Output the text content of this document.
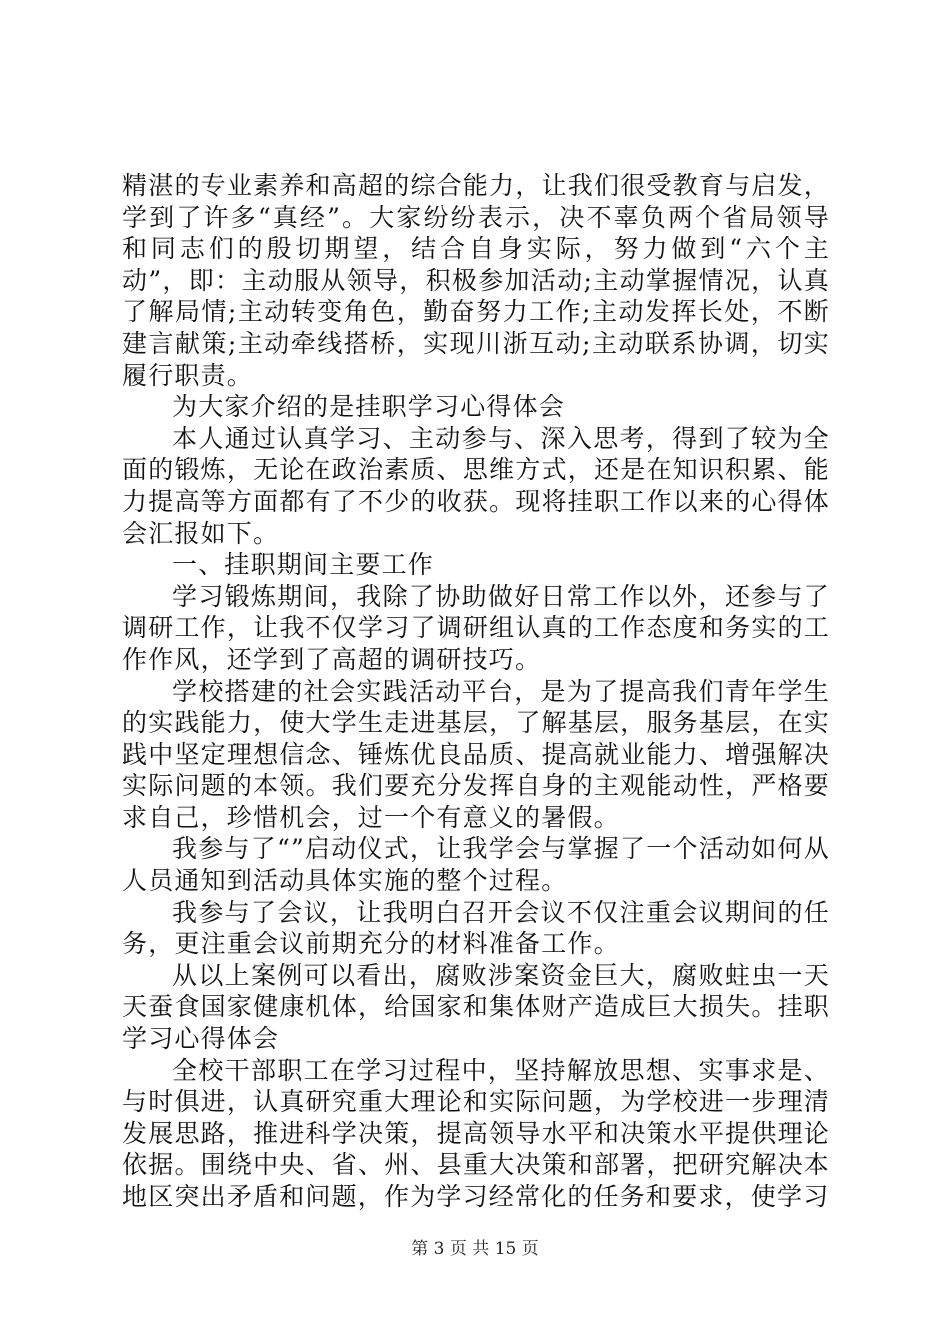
精湛的专业素养和高超的综合能力，让我们很受教育与启发，学到了许多“真经”。大家纷纷表示，决不辜负两个省局领导和同志们的殷切期望，结合自身实际，努力做到“六个主动”，即：主动服从领导，积极参加活动;主动掌握情况，认真了解局情;主动转变角色，勤奋努力工作;主动发挥长处，不断建言献策;主动牵线搭桥，实现川浙互动;主动联系协调，切实履行职责。

为大家介绍的是挂职学习心得体会

本人通过认真学习、主动参与、深入思考，得到了较为全面的锻炼，无论在政治素质、思维方式，还是在知识积累、能力提高等方面都有了不少的收获。现将挂职工作以来的心得体会汇报如下。

一、挂职期间主要工作

学习锻炼期间，我除了协助做好日常工作以外，还参与了调研工作，让我不仅学习了调研组认真的工作态度和务实的工作作风，还学到了高超的调研技巧。

学校搭建的社会实践活动平台，是为了提高我们青年学生的实践能力，使大学生走进基层，了解基层，服务基层，在实践中坚定理想信念、锤炼优良品质、提高就业能力、增强解决实际问题的本领。我们要充分发挥自身的主观能动性，严格要求自己，珍惜机会，过一个有意义的暑假。

我参与了“”启动仪式，让我学会与掌握了一个活动如何从人员通知到活动具体实施的整个过程。

我参与了会议，让我明白召开会议不仅注重会议期间的任务，更注重会议前期充分的材料准备工作。

从以上案例可以看出，腐败涉案资金巨大，腐败蛀虫一天天蚕食国家健康机体，给国家和集体财产造成巨大损失。挂职学习心得体会

全校干部职工在学习过程中，坚持解放思想、实事求是、与时俱进，认真研究重大理论和实际问题，为学校进一步理清发展思路，推进科学决策，提高领导水平和决策水平提供理论依据。围绕中央、省、州、县重大决策和部署，把研究解决本地区突出矛盾和问题，作为学习经常化的任务和要求，使学习

第 3 页 共 15 页
